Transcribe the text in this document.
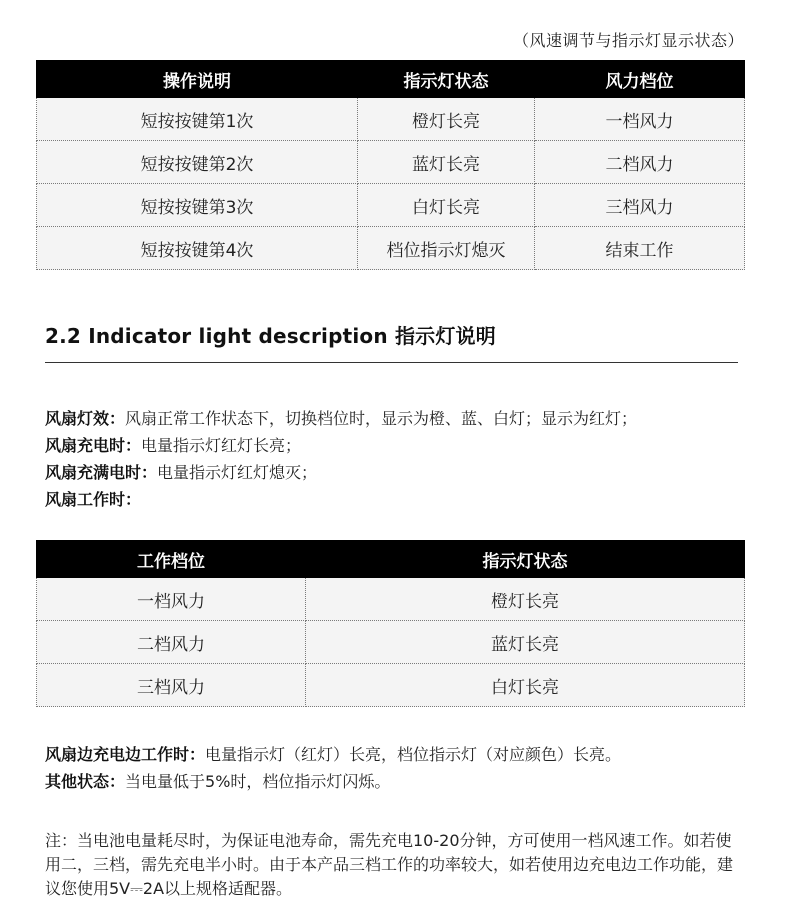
（风速调节与指示灯显示状态）
操作说明	指示灯状态	风力档位
短按按键第1次	橙灯长亮	一档风力
短按按键第2次	蓝灯长亮	二档风力
短按按键第3次	白灯长亮	三档风力
短按按键第4次	档位指示灯熄灭	结束工作
2.2 Indicator light description 指示灯说明
风扇灯效：风扇正常工作状态下，切换档位时，显示为橙、蓝、白灯；显示为红灯；
风扇充电时：电量指示灯红灯长亮；
风扇充满电时：电量指示灯红灯熄灭；
风扇工作时：
工作档位	指示灯状态
一档风力	橙灯长亮
二档风力	蓝灯长亮
三档风力	白灯长亮
风扇边充电边工作时：电量指示灯（红灯）长亮，档位指示灯（对应颜色）长亮。
其他状态：当电量低于5%时，档位指示灯闪烁。
注：当电池电量耗尽时，为保证电池寿命，需先充电10-20分钟，方可使用一档风速工作。如若使用二，三档，需先充电半小时。由于本产品三档工作的功率较大，如若使用边充电边工作功能，建议您使用5V⎓2A以上规格适配器。
